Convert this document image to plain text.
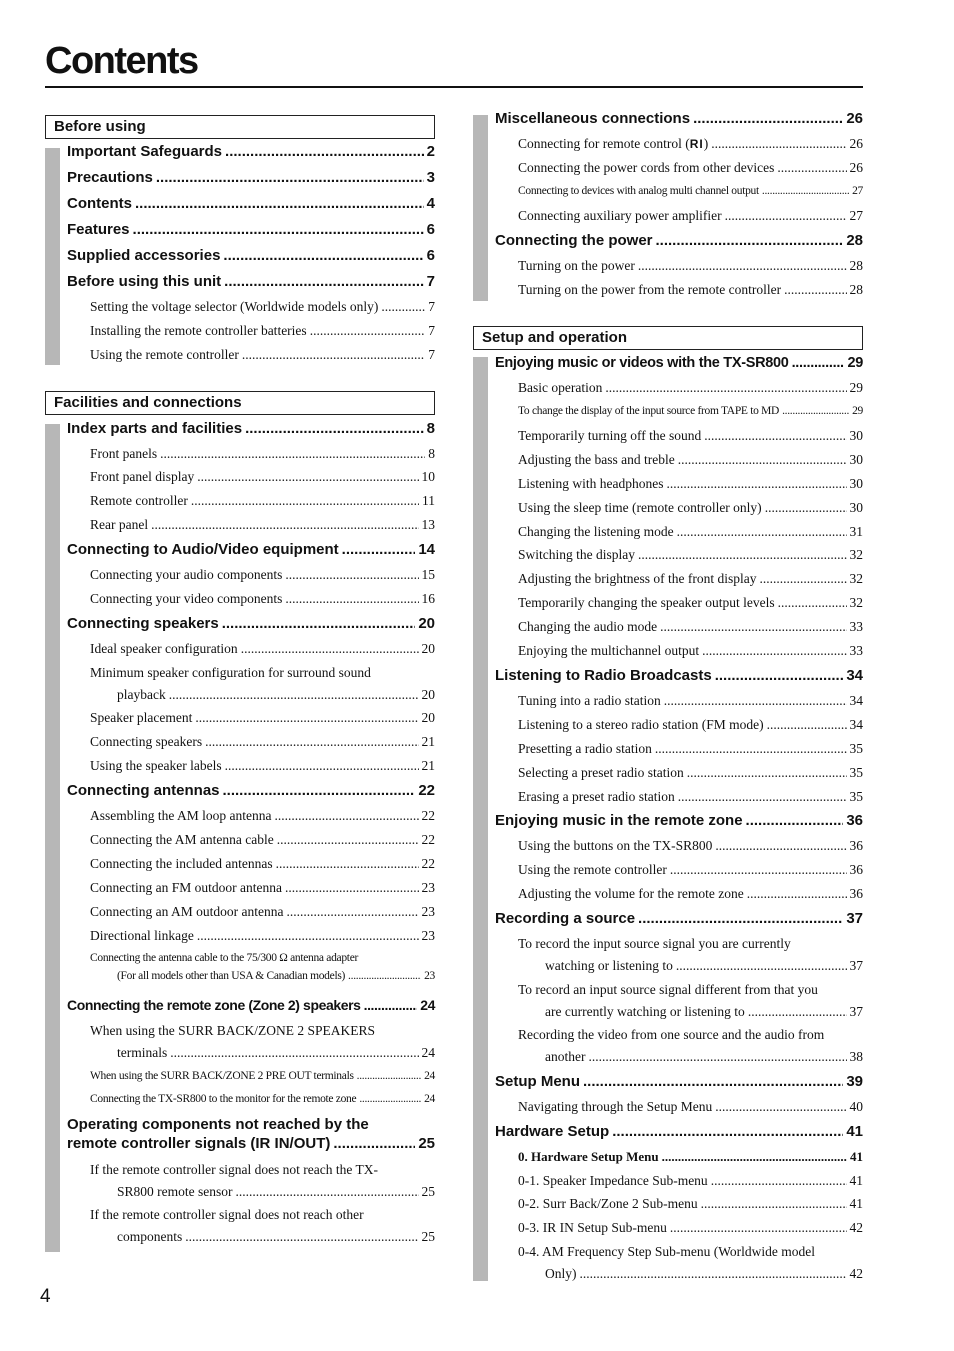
Contents
Before using
Important Safeguards .....	2
Precautions .....	3
Contents .....	4
Features .....	6
Supplied accessories .....	6
Before using this unit .....	7
Setting the voltage selector (Worldwide models only) .....	7
Installing the remote controller batteries .....	7
Using the remote controller .....	7
Facilities and connections
Index parts and facilities .....	8
Front panels .....	8
Front panel display .....	10
Remote controller .....	11
Rear panel .....	13
Connecting to Audio/Video equipment .....	14
Connecting your audio components .....	15
Connecting your video components .....	16
Connecting speakers .....	20
Ideal speaker configuration .....	20
Minimum speaker configuration for surround sound
playback .....	20
Speaker placement .....	20
Connecting speakers .....	21
Using the speaker labels .....	21
Connecting antennas .....	22
Assembling the AM loop antenna .....	22
Connecting the AM antenna cable .....	22
Connecting the included antennas .....	22
Connecting an FM outdoor antenna .....	23
Connecting an AM outdoor antenna .....	23
Directional linkage .....	23
Connecting the antenna cable to the 75/300 Ω antenna adapter
(For all models other than USA & Canadian models) .....	23
Connecting the remote zone (Zone 2) speakers .....	24
When using the SURR BACK/ZONE 2 SPEAKERS
terminals .....	24
When using the SURR BACK/ZONE 2 PRE OUT terminals .....	24
Connecting the TX-SR800 to the monitor for the remote zone .....	24
Operating components not reached by the
remote controller signals (IR IN/OUT) .....	25
If the remote controller signal does not reach the TX-
SR800 remote sensor .....	25
If the remote controller signal does not reach other
components .....	25
Miscellaneous connections .....	26
Connecting for remote control (RI) .....	26
Connecting the power cords from other devices .....	26
Connecting to devices with analog multi channel output .....	27
Connecting auxiliary power amplifier .....	27
Connecting the power .....	28
Turning on the power .....	28
Turning on the power from the remote controller .....	28
Setup and operation
Enjoying music or videos with the TX-SR800 .....	29
Basic operation .....	29
To change the display of the input source from TAPE to MD .....	29
Temporarily turning off the sound .....	30
Adjusting the bass and treble .....	30
Listening with headphones .....	30
Using the sleep time (remote controller only) .....	30
Changing the listening mode .....	31
Switching the display .....	32
Adjusting the brightness of the front display .....	32
Temporarily changing the speaker output levels .....	32
Changing the audio mode .....	33
Enjoying the multichannel output .....	33
Listening to Radio Broadcasts .....	34
Tuning into a radio station .....	34
Listening to a stereo radio station (FM mode) .....	34
Presetting a radio station .....	35
Selecting a preset radio station .....	35
Erasing a preset radio station .....	35
Enjoying music in the remote zone .....	36
Using the buttons on the TX-SR800 .....	36
Using the remote controller .....	36
Adjusting the volume for the remote zone .....	36
Recording a source .....	37
To record the input source signal you are currently
watching or listening to .....	37
To record an input source signal different from that you
are currently watching or listening to .....	37
Recording the video from one source and the audio from
another .....	38
Setup Menu .....	39
Navigating through the Setup Menu .....	40
Hardware Setup .....	41
0. Hardware Setup Menu .....	41
0-1. Speaker Impedance Sub-menu .....	41
0-2. Surr Back/Zone 2 Sub-menu .....	41
0-3. IR IN Setup Sub-menu .....	42
0-4. AM Frequency Step Sub-menu (Worldwide model
Only) .....	42
4
